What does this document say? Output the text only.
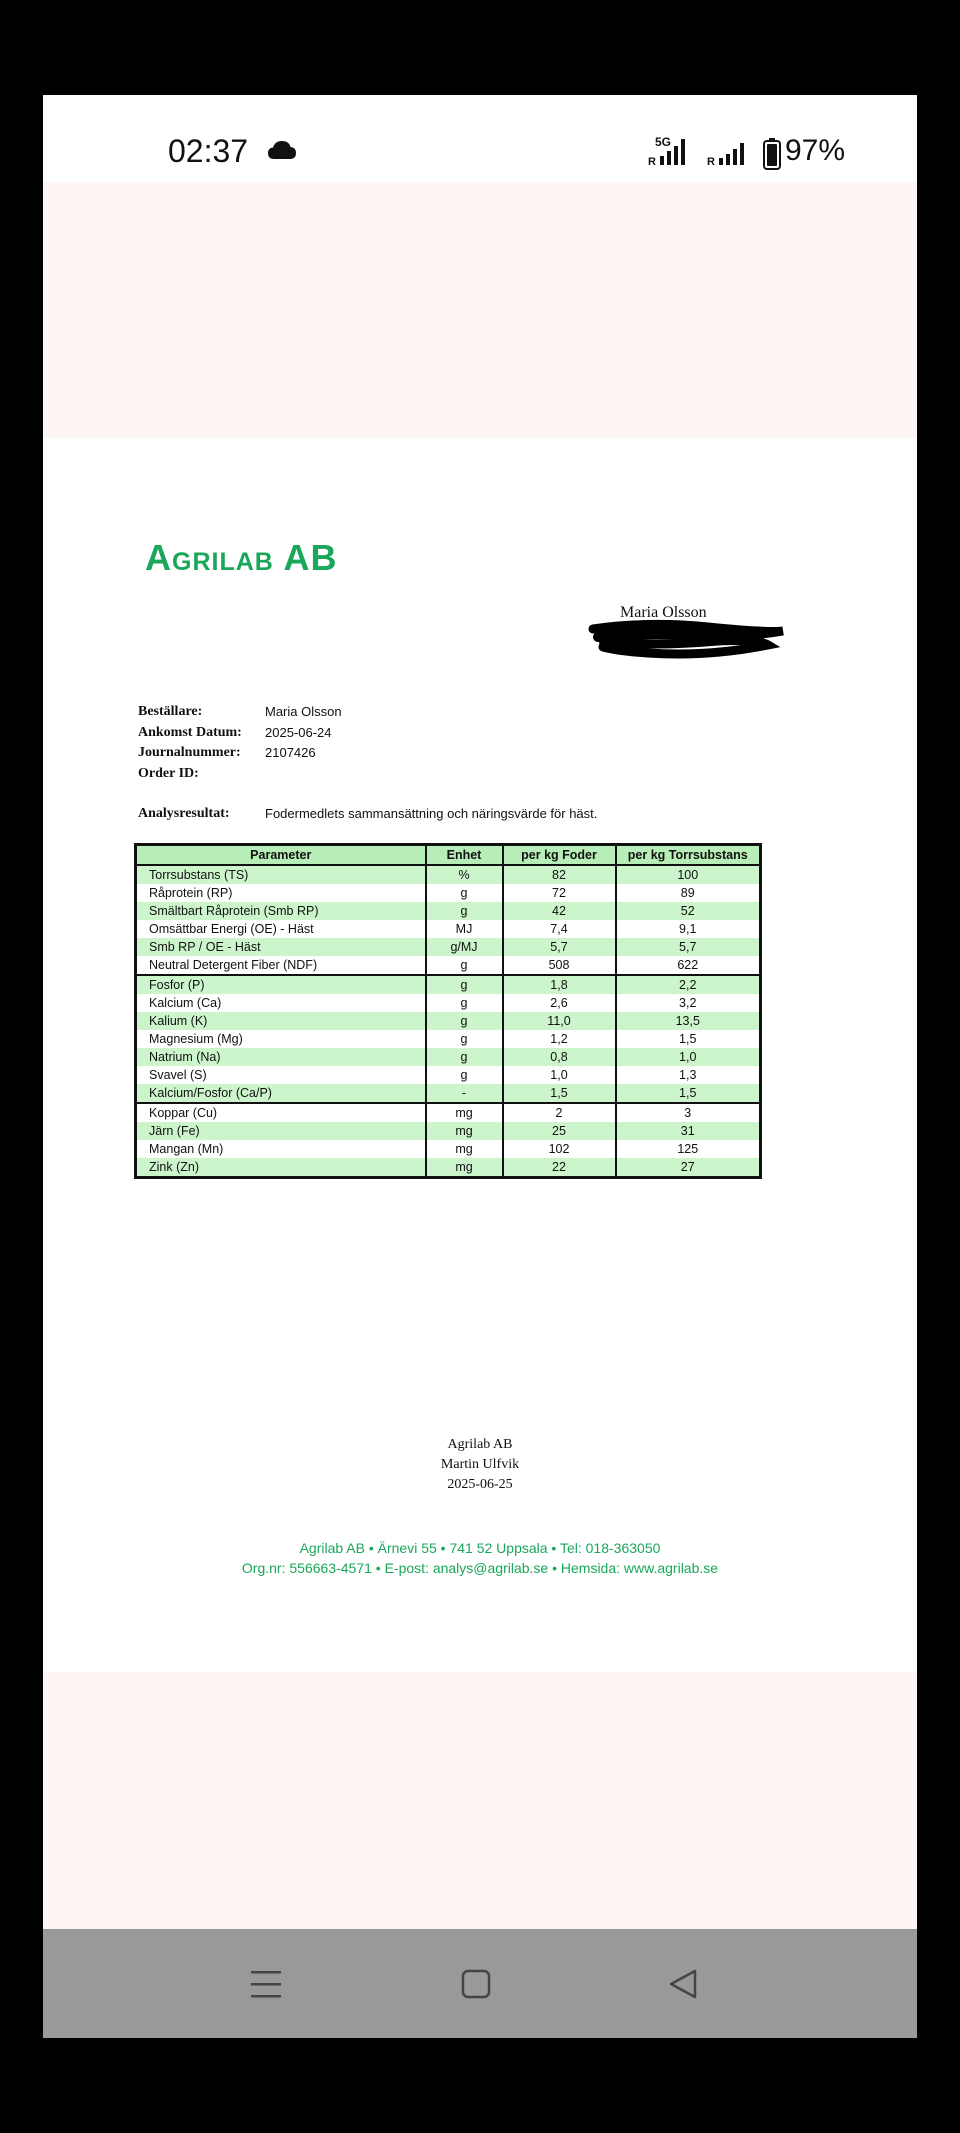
02:37	5G
R	R 97%
Agrilab AB
Maria Olsson
Beställare:	Maria Olsson
Ankomst Datum:	2025-06-24
Journalnummer:	2107426
Order ID:
Analysresultat:	Fodermedlets sammansättning och näringsvärde för häst.
Parameter	Enhet	per kg Foder	per kg Torrsubstans
Torrsubstans (TS)	%	82	100
Råprotein (RP)	g	72	89
Smältbart Råprotein (Smb RP)	g	42	52
Omsättbar Energi (OE) - Häst	MJ	7,4	9,1
Smb RP / OE - Häst	g/MJ	5,7	5,7
Neutral Detergent Fiber (NDF)	g	508	622
Fosfor (P)	g	1,8	2,2
Kalcium (Ca)	g	2,6	3,2
Kalium (K)	g	11,0	13,5
Magnesium (Mg)	g	1,2	1,5
Natrium (Na)	g	0,8	1,0
Svavel (S)	g	1,0	1,3
Kalcium/Fosfor (Ca/P)	-	1,5	1,5
Koppar (Cu)	mg	2	3
Järn (Fe)	mg	25	31
Mangan (Mn)	mg	102	125
Zink (Zn)	mg	22	27
Agrilab AB
Martin Ulfvik
2025-06-25
Agrilab AB • Ärnevi 55 • 741 52 Uppsala • Tel: 018-363050
Org.nr: 556663-4571 • E-post: analys@agrilab.se • Hemsida: www.agrilab.se
